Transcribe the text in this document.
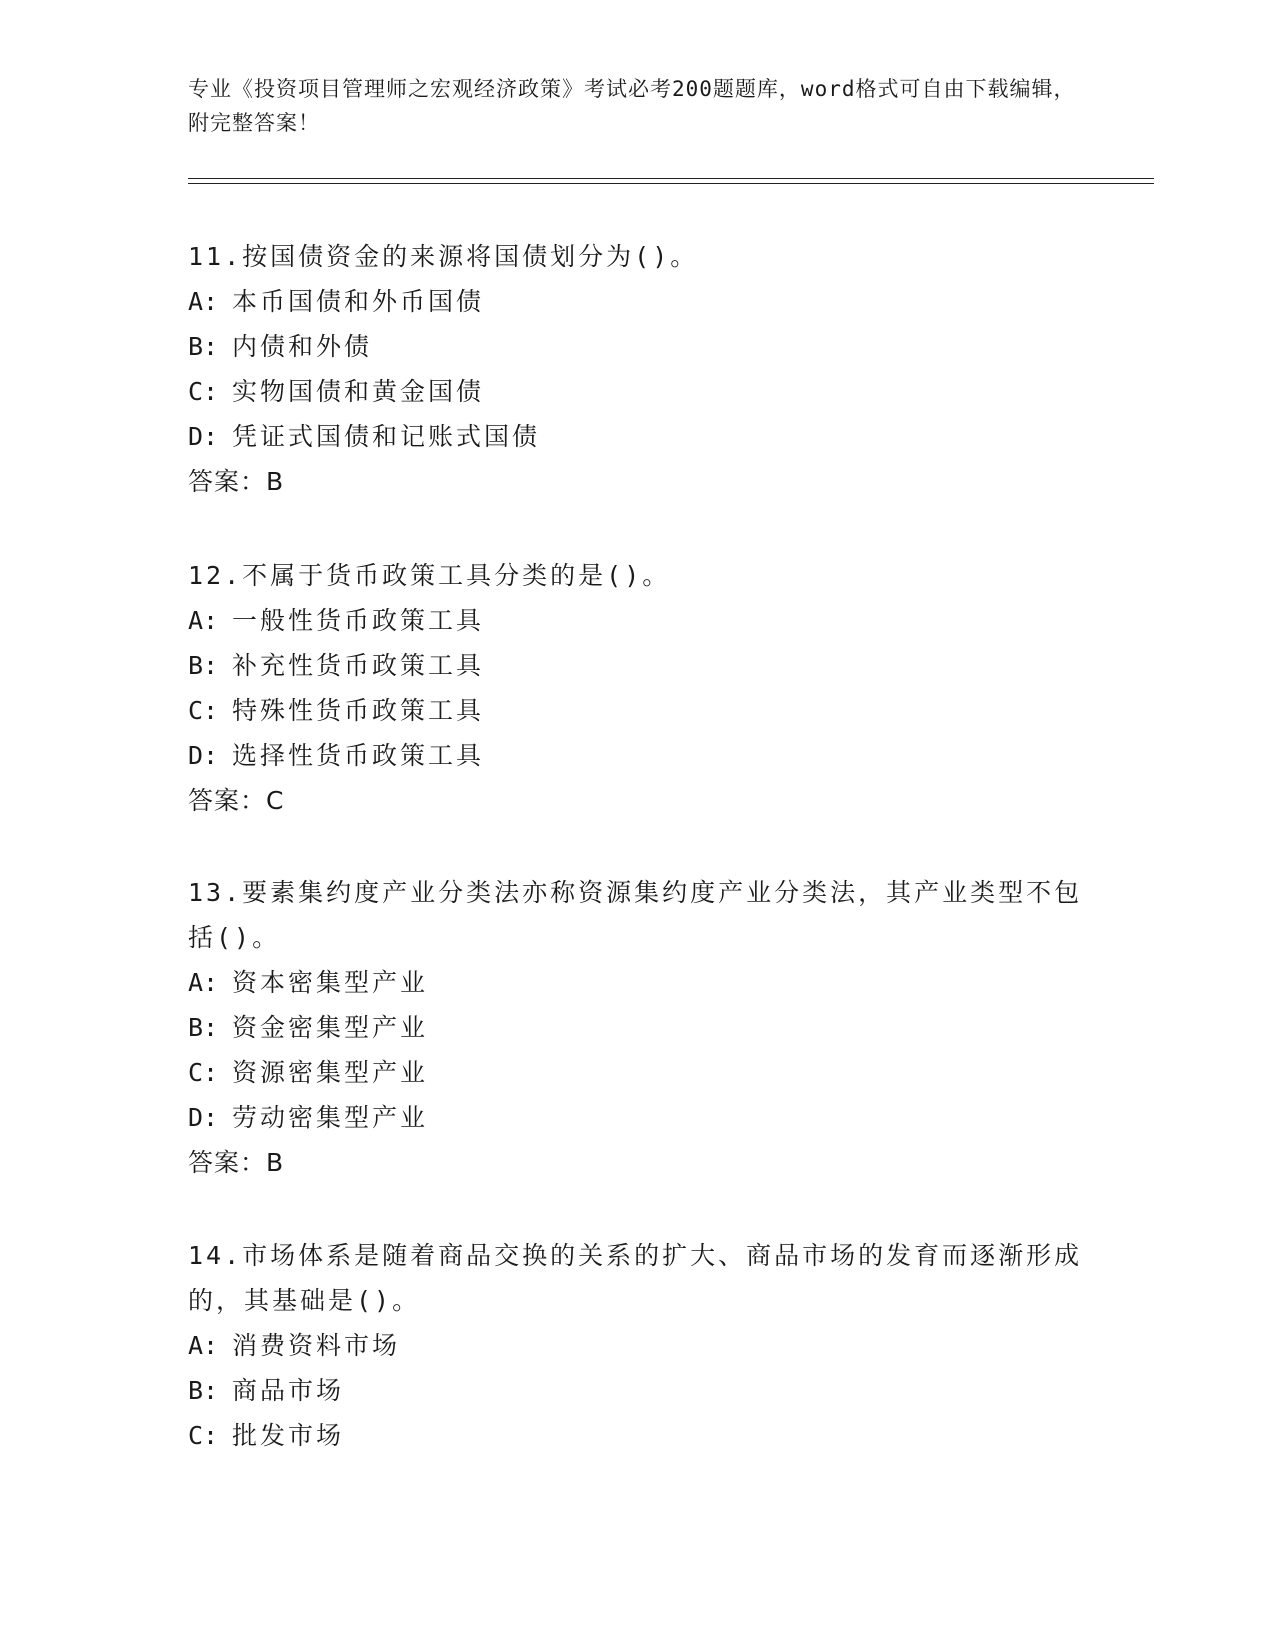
专业《投资项目管理师之宏观经济政策》考试必考200题题库，word格式可自由下载编辑，附完整答案！

11.按国债资金的来源将国债划分为()。

A: 本币国债和外币国债

B: 内债和外债

C: 实物国债和黄金国债

D: 凭证式国债和记账式国债

答案：B

12.不属于货币政策工具分类的是()。

A: 一般性货币政策工具

B: 补充性货币政策工具

C: 特殊性货币政策工具

D: 选择性货币政策工具

答案：C

13.要素集约度产业分类法亦称资源集约度产业分类法，其产业类型不包括()。

A: 资本密集型产业

B: 资金密集型产业

C: 资源密集型产业

D: 劳动密集型产业

答案：B

14.市场体系是随着商品交换的关系的扩大、商品市场的发育而逐渐形成的，其基础是()。

A: 消费资料市场

B: 商品市场

C: 批发市场
